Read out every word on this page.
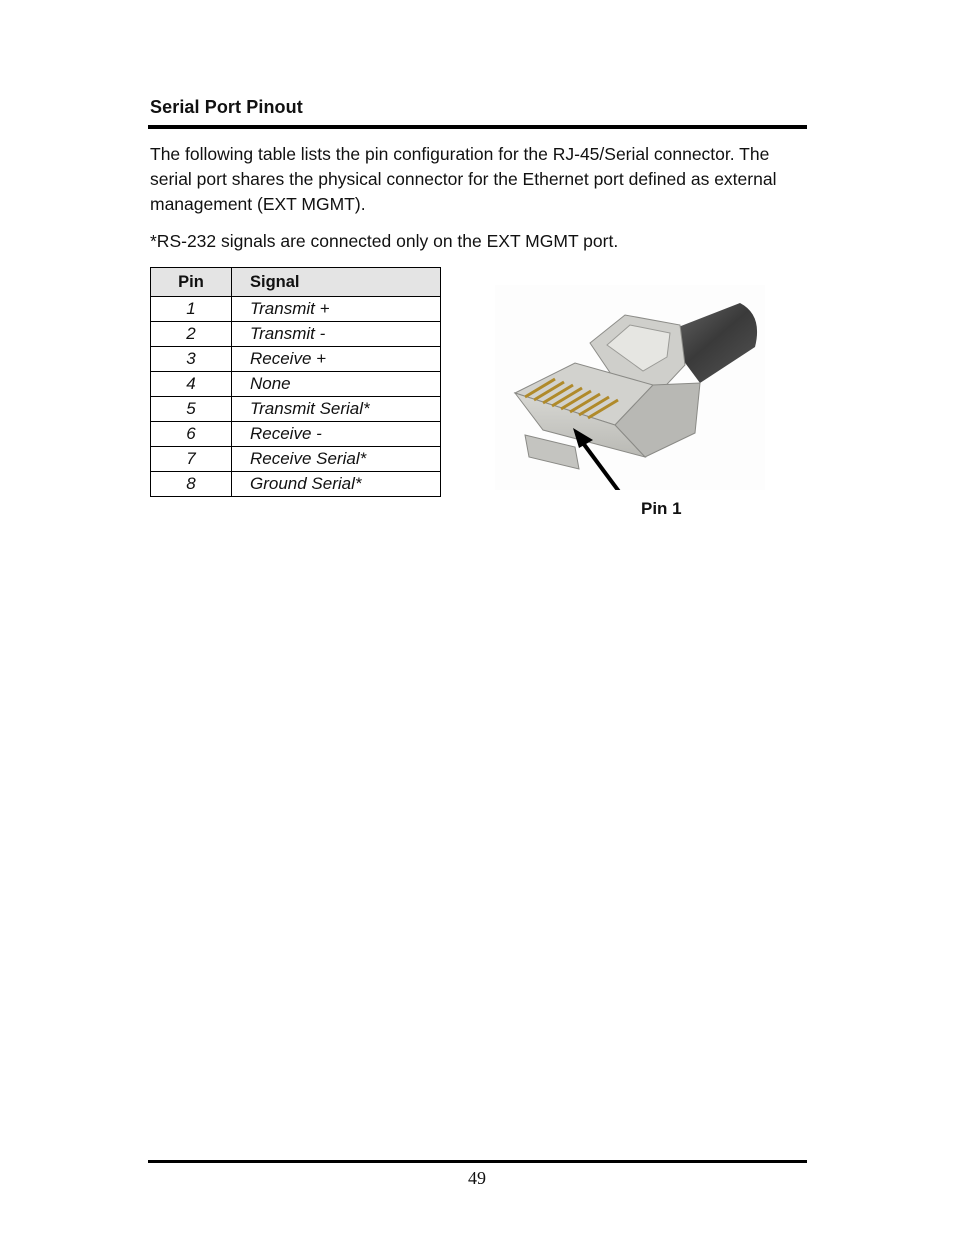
Serial Port Pinout
The following table lists the pin configuration for the RJ-45/Serial connector. The serial port shares the physical connector for the Ethernet port defined as external management (EXT MGMT).
*RS-232 signals are connected only on the EXT MGMT port.
Pin	Signal
1	Transmit +
2	Transmit -
3	Receive +
4	None
5	Transmit Serial*
6	Receive -
7	Receive Serial*
8	Ground Serial*
Pin 1
49
